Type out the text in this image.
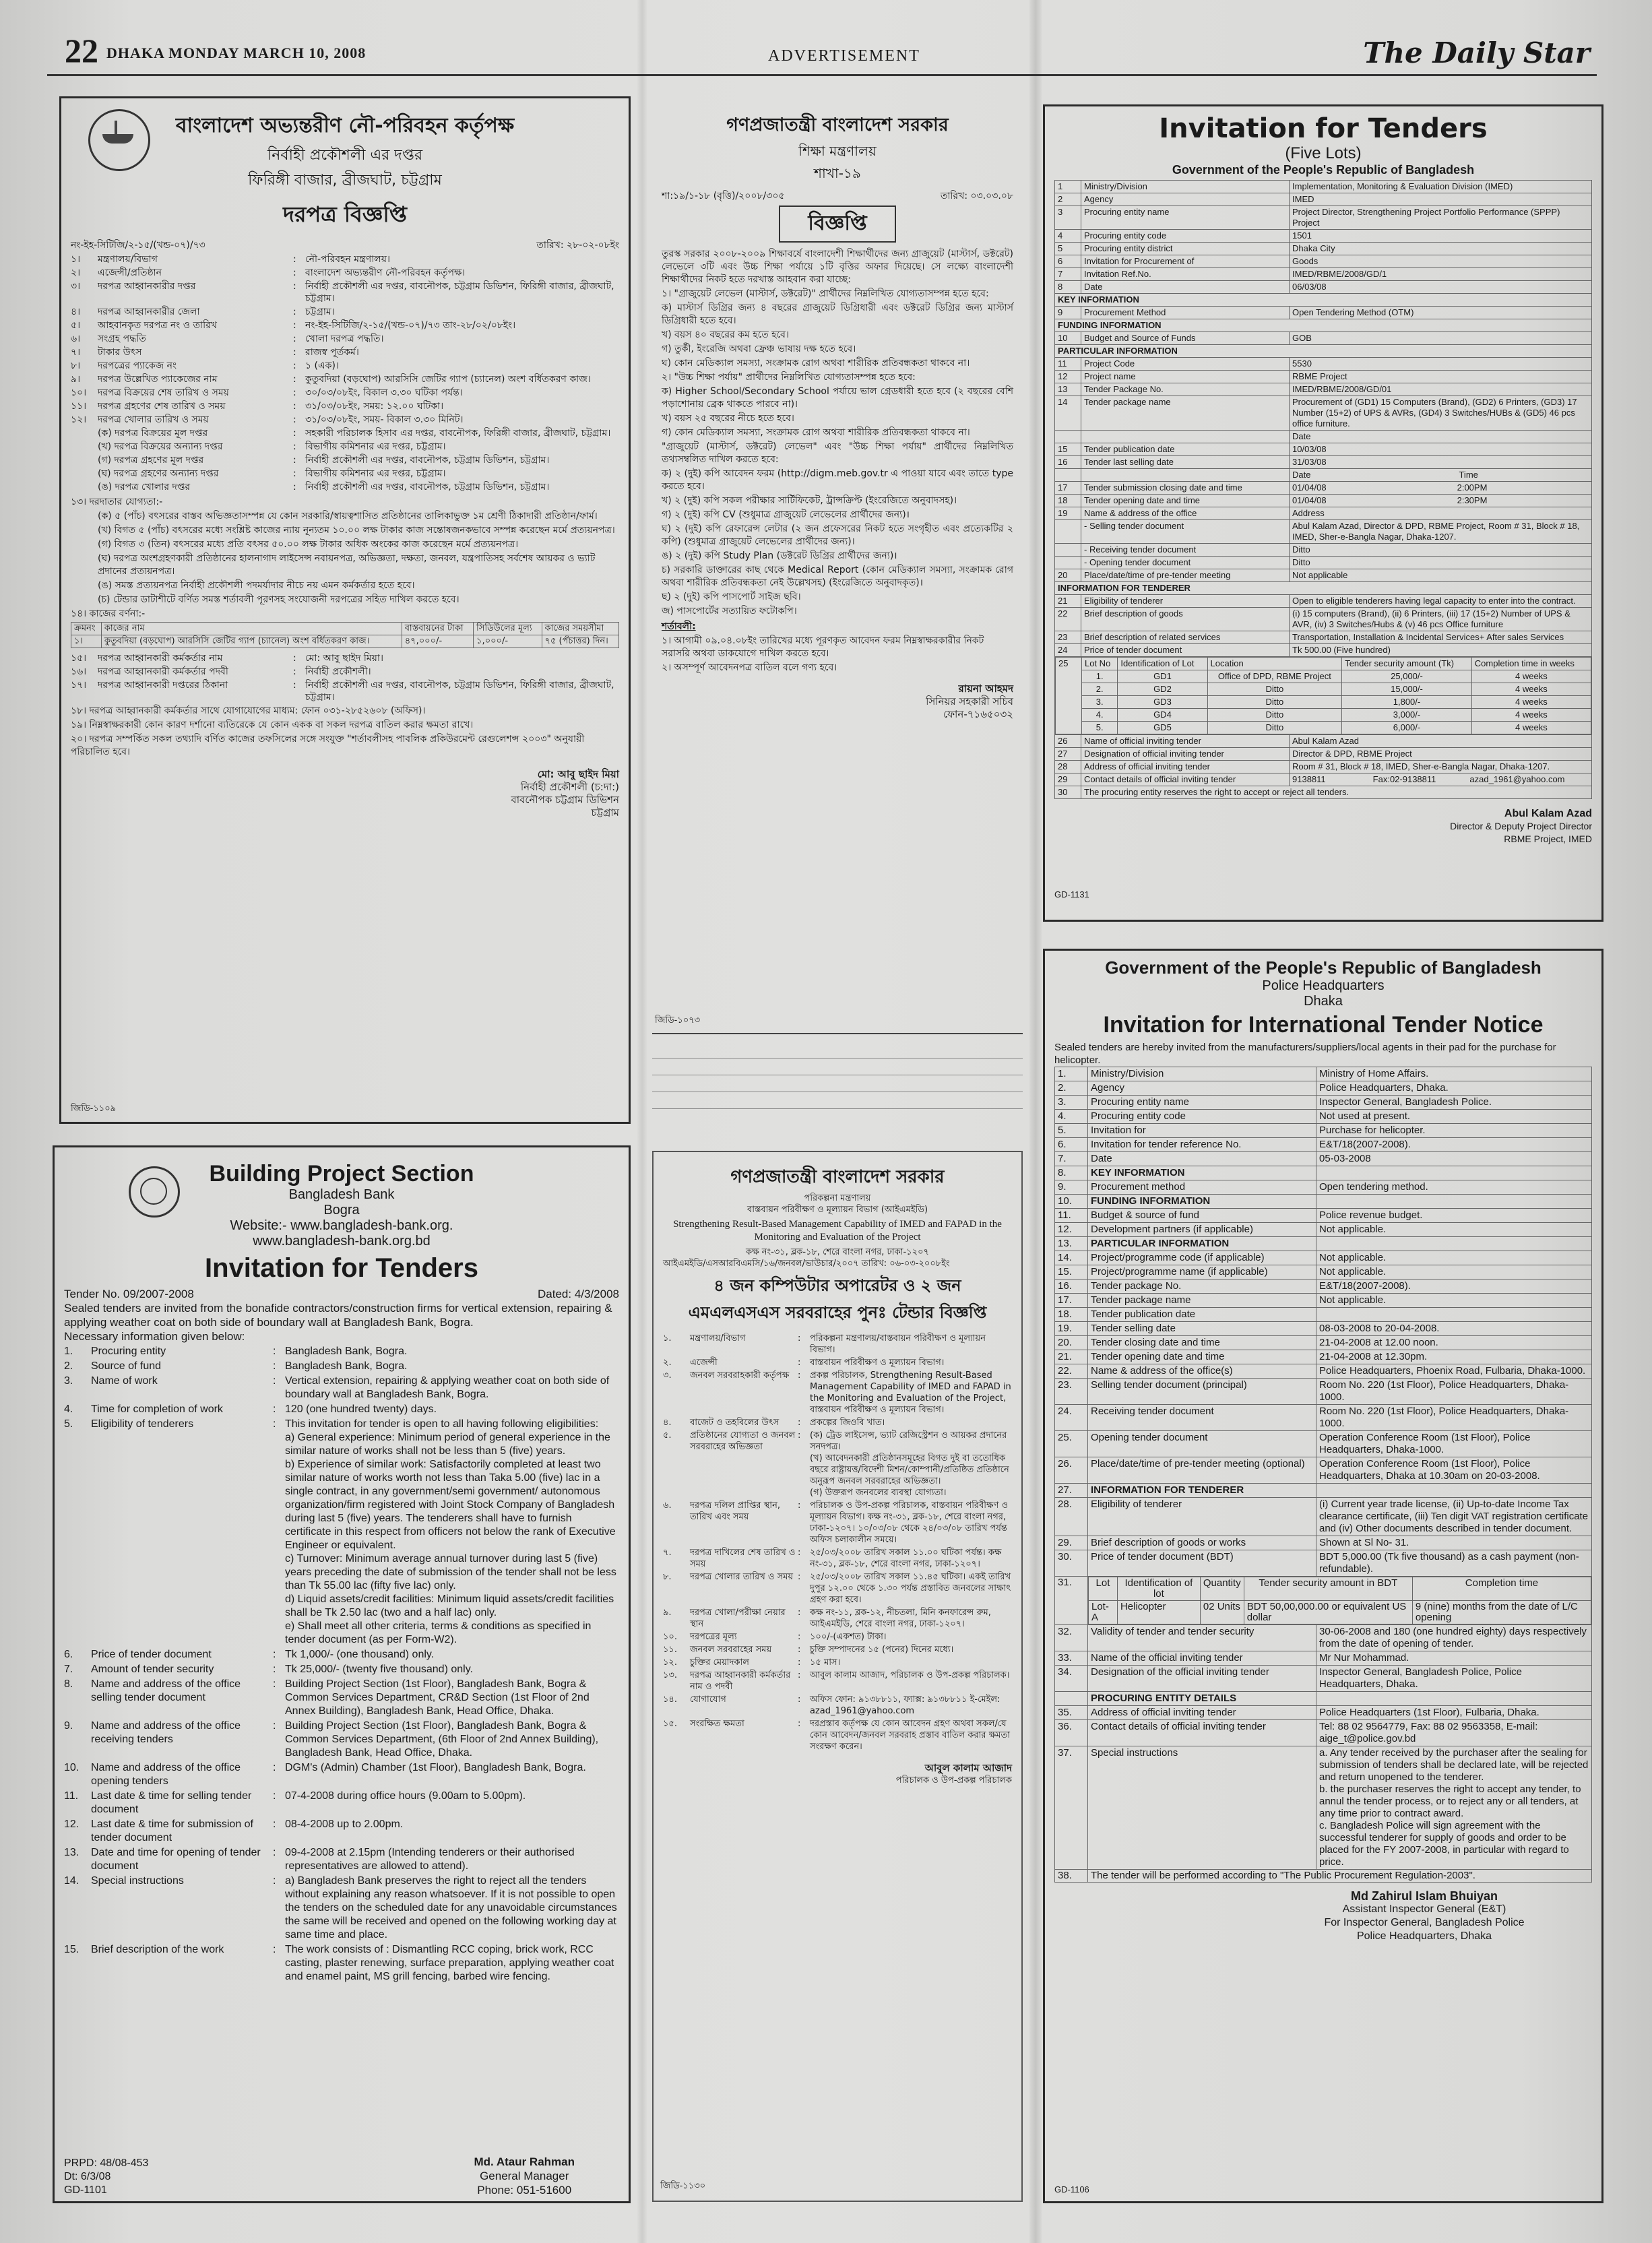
22 DHAKA MONDAY MARCH 10, 2008	ADVERTISEMENT	The Daily Star
বাংলাদেশ অভ্যন্তরীণ নৌ-পরিবহন কর্তৃপক্ষ
নির্বাহী প্রকৌশলী এর দপ্তর
ফিরিঙ্গী বাজার, ব্রীজঘাট, চট্টগ্রাম
দরপত্র বিজ্ঞপ্তি
নং-ইহ-সিটিজি/২-১৫/(খন্ড-০৭)/৭৩	তারিখ: ২৮-০২-০৮ইং
১।	মন্ত্রণালয়/বিভাগ	: নৌ-পরিবহন মন্ত্রণালয়।
২।	এজেন্সী/প্রতিষ্ঠান	: বাংলাদেশ অভ্যন্তরীণ নৌ-পরিবহন কর্তৃপক্ষ।
৩।	দরপত্র আহ্বানকারীর দপ্তর	: নির্বাহী প্রকৌশলী এর দপ্তর, বাবনৌপক, চট্টগ্রাম ডিভিশন, ফিরিঙ্গী বাজার, ব্রীজঘাট, চট্টগ্রাম।
৪।	দরপত্র আহ্বানকারীর জেলা	: চট্টগ্রাম।
৫।	আহবানকৃত দরপত্র নং ও তারিখ	: নং-ইহ-সিটিজি/২-১৫/(খন্ড-০৭)/৭৩ তাং-২৮/০২/০৮ইং।
৬।	সংগ্রহ পদ্ধতি	: খোলা দরপত্র পদ্ধতি।
৭।	টাকার উৎস	: রাজস্ব পূর্তকর্ম।
৮।	দরপত্রের প্যাকেজ নং	: ১ (এক)।
৯।	দরপত্র উল্লেখিত প্যাকেজের নাম	: কুতুবদিয়া (বড়ঘোপ) আরসিসি জেটির গ্যাপ (চ্যানেল) অংশ বর্ধিতকরণ কাজ।
১০।	দরপত্র বিক্রয়ের শেষ তারিখ ও সময়	: ৩০/০৩/০৮ইং, বিকাল ৩.৩০ ঘটিকা পর্যন্ত।
১১।	দরপত্র গ্রহণের শেষ তারিখ ও সময়	: ৩১/০৩/০৮ইং, সময়: ১২.০০ ঘটিকা।
১২।	দরপত্র খোলার তারিখ ও সময়	: ৩১/০৩/০৮ইং, সময়- বিকাল ৩.৩০ মিনিট।
(ক) দরপত্র বিক্রয়ের মূল দপ্তর	: সহকারী পরিচালক হিসাব এর দপ্তর, বাবনৌপক, ফিরিঙ্গী বাজার, ব্রীজঘাট, চট্টগ্রাম।
(খ) দরপত্র বিক্রয়ের অন্যান্য দপ্তর	: বিভাগীয় কমিশনার এর দপ্তর, চট্টগ্রাম।
(গ) দরপত্র গ্রহণের মূল দপ্তর	: নির্বাহী প্রকৌশলী এর দপ্তর, বাবনৌপক, চট্টগ্রাম ডিভিশন, চট্টগ্রাম।
(ঘ) দরপত্র গ্রহণের অন্যান্য দপ্তর	: বিভাগীয় কমিশনার এর দপ্তর, চট্টগ্রাম।
(ঙ) দরপত্র খোলার দপ্তর	: নির্বাহী প্রকৌশলী এর দপ্তর, বাবনৌপক, চট্টগ্রাম ডিভিশন, চট্টগ্রাম।
১৩। দরদাতার যোগ্যতা:-
(ক) ৫ (পাঁচ) বৎসরের বাস্তব অভিজ্ঞতাসম্পন্ন যে কোন সরকারি/স্বায়ত্বশাসিত প্রতিষ্ঠানের তালিকাভুক্ত ১ম শ্রেণী ঠিকাদারী প্রতিষ্ঠান/ফার্ম।
(খ) বিগত ৫ (পাঁচ) বৎসরের মধ্যে সংশ্লিষ্ট কাজের ন্যায় নূন্যতম ১০.০০ লক্ষ টাকার কাজ সন্তোষজনকভাবে সম্পন্ন করেছেন মর্মে প্রত্যয়নপত্র।
(গ) বিগত ৩ (তিন) বৎসরের মধ্যে প্রতি বৎসর ৫০.০০ লক্ষ টাকার অধিক অংকের কাজ করেছেন মর্মে প্রত্যয়নপত্র।
(ঘ) দরপত্র অংশগ্রহণকারী প্রতিষ্ঠানের হালনাগাদ লাইসেন্স নবায়নপত্র, অভিজ্ঞতা, দক্ষতা, জনবল, যন্ত্রপাতিসহ সর্বশেষ আয়কর ও ভ্যাট প্রদানের প্রত্যয়নপত্র।
(ঙ) সমস্ত প্রত্যয়নপত্র নির্বাহী প্রকৌশলী পদমর্যাদার নীচে নয় এমন কর্মকর্তার হতে হবে।
(চ) টেন্ডার ডাটাশীটে বর্ণিত সমস্ত শর্তাবলী পূরণসহ সংযোজনী দরপত্রের সহিত দাখিল করতে হবে।
১৪। কাজের বর্ণনা:-
ক্রমনং	কাজের নাম	বাস্তবায়নের টাকা	সিডিউলের মূল্য	কাজের সময়সীমা
১।	কুতুবদিয়া (বড়ঘোপ) আরসিসি জেটির গ্যাপ (চ্যানেল) অংশ বর্ধিতকরণ কাজ।	৪৭,০০০/-	১,০০০/-	৭৫ (পঁচাত্তর) দিন।
১৫।	দরপত্র আহ্বানকারী কর্মকর্তার নাম	: মো: আবু ছাইদ মিয়া।
১৬।	দরপত্র আহ্বানকারী কর্মকর্তার পদবী	: নির্বাহী প্রকৌশলী।
১৭।	দরপত্র আহ্বানকারী দপ্তরের ঠিকানা	: নির্বাহী প্রকৌশলী এর দপ্তর, বাবনৌপক, চট্টগ্রাম ডিভিশন, ফিরিঙ্গী বাজার, ব্রীজঘাট, চট্টগ্রাম।
১৮। দরপত্র আহ্বানকারী কর্মকর্তার সাথে যোগাযোগের মাধ্যম: ফোন ০৩১-২৮৫২৬০৮ (অফিস)।
১৯। নিম্নস্বাক্ষরকারী কোন কারণ দর্শানো ব্যতিরেকে যে কোন একক বা সকল দরপত্র বাতিল করার ক্ষমতা রাখে।
২০। দরপত্র সম্পর্কিত সকল তথ্যাদি বর্ণিত কাজের তফসিলের সঙ্গে সংযুক্ত "শর্তাবলীসহ পাবলিক প্রকিউরমেন্ট রেগুলেশন্স ২০০৩" অনুযায়ী পরিচালিত হবে।
মো: আবু ছাইদ মিয়া
নির্বাহী প্রকৌশলী (চ:দা:)
বাবনৌপক চট্টগ্রাম ডিভিশন
চট্টগ্রাম
জিডি-১১০৯
গণপ্রজাতন্ত্রী বাংলাদেশ সরকার
শিক্ষা মন্ত্রণালয়
শাখা-১৯
শা:১৯/১-১৮ (বৃত্তি)/২০০৮/৩০৫	তারিখ: ০৩.০৩.০৮
বিজ্ঞপ্তি
তুরস্ক সরকার ২০০৮-২০০৯ শিক্ষাবর্ষে বাংলাদেশী শিক্ষার্থীদের জন্য গ্রাজুয়েট (মাস্টার্স, ডক্টরেট) লেভেলে ৩টি এবং উচ্চ শিক্ষা পর্যায়ে ১টি বৃত্তির অফার দিয়েছে। সে লক্ষ্যে বাংলাদেশী শিক্ষার্থীদের নিকট হতে দরখাস্ত আহবান করা যাচ্ছে:
১। "গ্রাজুয়েট লেভেল (মাস্টার্স, ডক্টরেট)" প্রার্থীদের নিম্নলিখিত যোগ্যতাসম্পন্ন হতে হবে:
ক) মাস্টার্স ডিগ্রির জন্য ৪ বছরের গ্রাজুয়েট ডিগ্রিধারী এবং ডক্টরেট ডিগ্রির জন্য মাস্টার্স ডিগ্রিধারী হতে হবে।
খ) বয়স ৪০ বছরের কম হতে হবে।
গ) তুর্কী, ইংরেজি অথবা ফ্রেঞ্চ ভাষায় দক্ষ হতে হবে।
ঘ) কোন মেডিক্যাল সমস্যা, সংক্রামক রোগ অথবা শারীরিক প্রতিবন্ধকতা থাকবে না।
২। "উচ্চ শিক্ষা পর্যায়" প্রার্থীদের নিম্নলিখিত যোগ্যতাসম্পন্ন হতে হবে:
ক) Higher School/Secondary School পর্যায়ে ভাল গ্রেডধারী হতে হবে (২ বছরের বেশি পড়াশোনায় ব্রেক থাকতে পারবে না)।
খ) বয়স ২৫ বছরের নীচে হতে হবে।
গ) কোন মেডিক্যাল সমস্যা, সংক্রামক রোগ অথবা শারীরিক প্রতিবন্ধকতা থাকবে না।
"গ্রাজুয়েট (মাস্টার্স, ডক্টরেট) লেভেল" এবং "উচ্চ শিক্ষা পর্যায়" প্রার্থীদের নিম্নলিখিত তথ্যসম্বলিত দাখিল করতে হবে:
ক) ২ (দুই) কপি আবেদন ফরম (http://digm.meb.gov.tr এ পাওয়া যাবে এবং তাতে type করতে হবে।
খ) ২ (দুই) কপি সকল পরীক্ষার সার্টিফিকেট, ট্রান্সক্রিপ্ট (ইংরেজিতে অনুবাদসহ)।
গ) ২ (দুই) কপি CV (শুধুমাত্র গ্রাজুয়েট লেভেলের প্রার্থীদের জন্য)।
ঘ) ২ (দুই) কপি রেফারেন্স লেটার (২ জন প্রফেসরের নিকট হতে সংগৃহীত এবং প্রত্যেকটির ২ কপি) (শুধুমাত্র গ্রাজুয়েট লেভেলের প্রার্থীদের জন্য)।
ঙ) ২ (দুই) কপি Study Plan (ডক্টরেট ডিগ্রির প্রার্থীদের জন্য)।
চ) সরকারি ডাক্তারের কাছ থেকে Medical Report (কোন মেডিক্যাল সমস্যা, সংক্রামক রোগ অথবা শারীরিক প্রতিবন্ধকতা নেই উল্লেখসহ) (ইংরেজিতে অনুবাদকৃত)।
ছ) ২ (দুই) কপি পাসপোর্ট সাইজ ছবি।
জ) পাসপোর্টের সত্যায়িত ফটোকপি।
শর্তাবলী:
১। আগামী ০৯.০৪.০৮ইং তারিখের মধ্যে পূরণকৃত আবেদন ফরম নিম্নস্বাক্ষরকারীর নিকট সরাসরি অথবা ডাকযোগে দাখিল করতে হবে।
২। অসম্পূর্ণ আবেদনপত্র বাতিল বলে গণ্য হবে।
রায়না আহমদ
সিনিয়র সহকারী সচিব
ফোন-৭১৬৫০৩২
জিডি-১০৭৩
Invitation for Tenders
(Five Lots)
Government of the People's Republic of Bangladesh
1	Ministry/Division	Implementation, Monitoring & Evaluation Division (IMED)
2	Agency	IMED
3	Procuring entity name	Project Director, Strengthening Project Portfolio Performance (SPPP) Project
4	Procuring entity code	1501
5	Procuring entity district	Dhaka City
6	Invitation for Procurement of	Goods
7	Invitation Ref.No.	IMED/RBME/2008/GD/1
8	Date	06/03/08
KEY INFORMATION
9	Procurement Method	Open Tendering Method (OTM)
FUNDING INFORMATION
10	Budget and Source of Funds	GOB
PARTICULAR INFORMATION
11	Project Code	5530
12	Project name	RBME Project
13	Tender Package No.	IMED/RBME/2008/GD/01
14	Tender package name	Procurement of (GD1) 15 Computers (Brand), (GD2) 6 Printers, (GD3) 17 Number (15+2) of UPS & AVRs, (GD4) 3 Switches/HUBs & (GD5) 46 pcs office furniture.
		Date
15	Tender publication date	10/03/08
16	Tender last selling date	31/03/08
		Date	Time
17	Tender submission closing date and time	01/04/08	2:00PM
18	Tender opening date and time	01/04/08	2:30PM
19	Name & address of the office	Address
	- Selling tender document	Abul Kalam Azad, Director & DPD, RBME Project, Room # 31, Block # 18, IMED, Sher-e-Bangla Nagar, Dhaka-1207.
	- Receiving tender document	Ditto
	- Opening tender document	Ditto
20	Place/date/time of pre-tender meeting	Not applicable
INFORMATION FOR TENDERER
21	Eligibility of tenderer	Open to eligible tenderers having legal capacity to enter into the contract.
22	Brief description of goods	(i) 15 computers (Brand), (ii) 6 Printers, (iii) 17 (15+2) Number of UPS & AVR, (iv) 3 Switches/Hubs & (v) 46 pcs Office furniture
23	Brief description of related services	Transportation, Installation & Incidental Services+ After sales Services
24	Price of tender document	Tk 500.00 (Five hundred)

25	Lot No	Identification of Lot	Location	Tender security amount (Tk)	Completion time in weeks
1.	GD1	Office of DPD, RBME Project	25,000/-	4 weeks
2.	GD2	Ditto	15,000/-	4 weeks
3.	GD3	Ditto	1,800/-	4 weeks
4.	GD4	Ditto	3,000/-	4 weeks
5.	GD5	Ditto	6,000/-	4 weeks

26	Name of official inviting tender	Abul Kalam Azad
27	Designation of official inviting tender	Director & DPD, RBME Project
28	Address of official inviting tender	Room # 31, Block # 18, IMED, Sher-e-Bangla Nagar, Dhaka-1207.
29	Contact details of official inviting tender	9138811	Fax:02-9138811	azad_1961@yahoo.com
30	The procuring entity reserves the right to accept or reject all tenders.
Abul Kalam Azad
Director & Deputy Project Director
RBME Project, IMED
GD-1131
Building Project Section
Bangladesh Bank
Bogra
Website:- www.bangladesh-bank.org.
www.bangladesh-bank.org.bd
Invitation for Tenders
Tender No. 09/2007-2008	Dated: 4/3/2008
Sealed tenders are invited from the bonafide contractors/construction firms for vertical extension, repairing & applying weather coat on both side of boundary wall at Bangladesh Bank, Bogra.
Necessary information given below:
1.	Procuring entity	: Bangladesh Bank, Bogra.
2.	Source of fund	: Bangladesh Bank, Bogra.
3.	Name of work	: Vertical extension, repairing & applying weather coat on both side of boundary wall at Bangladesh Bank, Bogra.
4.	Time for completion of work	: 120 (one hundred twenty) days.
5.	Eligibility of tenderers	: This invitation for tender is open to all having following eligibilities:
a) General experience: Minimum period of general experience in the similar nature of works shall not be less than 5 (five) years.
b) Experience of similar work: Satisfactorily completed at least two similar nature of works worth not less than Taka 5.00 (five) lac in a single contract, in any government/semi government/ autonomous organization/firm registered with Joint Stock Company of Bangladesh during last 5 (five) years. The tenderers shall have to furnish certificate in this respect from officers not below the rank of Executive Engineer or equivalent.
c) Turnover: Minimum average annual turnover during last 5 (five) years preceding the date of submission of the tender shall not be less than Tk 55.00 lac (fifty five lac) only.
d) Liquid assets/credit facilities: Minimum liquid assets/credit facilities shall be Tk 2.50 lac (two and a half lac) only.
e) Shall meet all other criteria, terms & conditions as specified in tender document (as per Form-W2).
6.	Price of tender document	: Tk 1,000/- (one thousand) only.
7.	Amount of tender security	: Tk 25,000/- (twenty five thousand) only.
8.	Name and address of the office selling tender document
: Building Project Section (1st Floor), Bangladesh Bank, Bogra & Common Services Department, CR&D Section (1st Floor of 2nd Annex Building), Bangladesh Bank, Head Office, Dhaka.
9.	Name and address of the office receiving tenders
: Building Project Section (1st Floor), Bangladesh Bank, Bogra & Common Services Department, (6th Floor of 2nd Annex Building), Bangladesh Bank, Head Office, Dhaka.
10.	Name and address of the office opening tenders
: DGM's (Admin) Chamber (1st Floor), Bangladesh Bank, Bogra.
11.	Last date & time for selling tender document
: 07-4-2008 during office hours (9.00am to 5.00pm).
12.	Last date & time for submission of tender document
: 08-4-2008 up to 2.00pm.
13.	Date and time for opening of tender document
: 09-4-2008 at 2.15pm (Intending tenderers or their authorised representatives are allowed to attend).
14.	Special instructions	: a) Bangladesh Bank preserves the right to reject all the tenders without explaining any reason whatsoever. If it is not possible to open the tenders on the scheduled date for any unavoidable circumstances the same will be received and opened on the following working day at same time and place.
15.	Brief description of the work	: The work consists of : Dismantling RCC coping, brick work, RCC casting, plaster renewing, surface preparation, applying weather coat and enamel paint, MS grill fencing, barbed wire fencing.
PRPD: 48/08-453
Dt: 6/3/08
GD-1101
Md. Ataur Rahman
General Manager
Phone: 051-51600
গণপ্রজাতন্ত্রী বাংলাদেশ সরকার
পরিকল্পনা মন্ত্রণালয়
বাস্তবায়ন পরিবীক্ষণ ও মূল্যায়ন বিভাগ (আইএমইডি)
Strengthening Result-Based Management Capability of IMED and FAPAD in the Monitoring and Evaluation of the Project
কক্ষ নং-৩১, ব্লক-১৮, শেরে বাংলা নগর, ঢাকা-১২০৭
আইএমইডি/এসআরবিএমসি/১৬/জনবল/ভাউচার/২০০৭ তারিখ: ০৬-০৩-২০০৮ইং
৪ জন কম্পিউটার অপারেটর ও ২ জন
এমএলএসএস সরবরাহের পুনঃ টেন্ডার বিজ্ঞপ্তি
১.	মন্ত্রণালয়/বিভাগ	:	পরিকল্পনা মন্ত্রণালয়/বাস্তবায়ন পরিবীক্ষণ ও মূল্যায়ন বিভাগ।
২.	এজেন্সী	:	বাস্তবায়ন পরিবীক্ষণ ও মূল্যায়ন বিভাগ।
৩.	জনবল সরবরাহকারী কর্তৃপক্ষ :	প্রকল্প পরিচালক, Strengthening Result-Based Management Capability of IMED and FAPAD in the Monitoring and Evaluation of the Project, বাস্তবায়ন পরিবীক্ষণ ও মূল্যায়ন বিভাগ।
৪.	বাজেট ও তহবিলের উৎস	:	প্রকল্পের জিওবি খাত।
৫.	প্রতিষ্ঠানের যোগ্যতা ও জনবল সরবরাহের অভিজ্ঞতা
:	(ক) ট্রেড লাইসেন্স, ভ্যাট রেজিস্ট্রেশন ও আয়কর প্রদানের সনদপত্র।
(খ) আবেদনকারী প্রতিষ্ঠানসমূহের বিগত দুই বা ততোধিক বছরে রাষ্ট্রায়ত্ত/বিদেশী মিশন/কোম্পানী/প্রতিষ্ঠিত প্রতিষ্ঠানে অনুরূপ জনবল সরবরাহের অভিজ্ঞতা।
(গ) উক্তরূপ জনবলের ব্যবস্থা যোগ্যতা।
৬.	দরপত্র দলিল প্রাপ্তির স্থান, তারিখ এবং সময়
:	পরিচালক ও উপ-প্রকল্প পরিচালক, বাস্তবায়ন পরিবীক্ষণ ও মূল্যায়ন বিভাগ। কক্ষ নং-৩১, ব্লক-১৮, শেরে বাংলা নগর, ঢাকা-১২০৭। ১০/০৩/০৮ থেকে ২৪/০৩/০৮ তারিখ পর্যন্ত অফিস চলাকালীন সময়ে।
৭.	দরপত্র দাখিলের শেষ তারিখ ও সময়
:	২৫/০৩/২০০৮ তারিখ সকাল ১১.০০ ঘটিকা পর্যন্ত। কক্ষ নং-৩১, ব্লক-১৮, শেরে বাংলা নগর, ঢাকা-১২০৭।
৮.	দরপত্র খোলার তারিখ ও সময় :	২৫/০৩/২০০৮ তারিখ সকাল ১১.৪৫ ঘটিকা। একই তারিখ দুপুর ১২.০০ থেকে ১.৩০ পর্যন্ত প্রস্তাবিত জনবলের সাক্ষাৎ গ্রহণ করা হবে।
৯.	দরপত্র খোলা/পরীক্ষা নেয়ার স্থান
:	কক্ষ নং-১১, ব্লক-১২, নীচতলা, মিনি কনফারেন্স রুম, আইএমইডি, শেরে বাংলা নগর, ঢাকা-১২০৭।
১০.	দরপত্রের মূল্য	:	১০০/-(একশত) টাকা।
১১.	জনবল সরবরাহের সময়	:	চুক্তি সম্পাদনের ১৫ (পনের) দিনের মধ্যে।
১২.	চুক্তির মেয়াদকাল	:	১৫ মাস।
১৩.	দরপত্র আহ্বানকারী কর্মকর্তার নাম ও পদবী
:	আবুল কালাম আজাদ, পরিচালক ও উপ-প্রকল্প পরিচালক।
১৪.	যোগাযোগ	:	অফিস ফোন: ৯১৩৮৮১১, ফ্যাক্স: ৯১৩৮৮১১ ই-মেইল: azad_1961@yahoo.com
১৫.	সংরক্ষিত ক্ষমতা	:	দরপ্রস্তাব কর্তৃপক্ষ যে কোন আবেদন গ্রহণ অথবা সকল/যে কোন আবেদন/জনবল সরবরাহ প্রস্তাব বাতিল করার ক্ষমতা সংরক্ষণ করেন।
আবুল কালাম আজাদ
পরিচালক ও উপ-প্রকল্প পরিচালক
জিডি-১১৩০
Government of the People's Republic of Bangladesh
Police Headquarters
Dhaka
Invitation for International Tender Notice
Sealed tenders are hereby invited from the manufacturers/suppliers/local agents in their pad for the purchase for helicopter.
1.	Ministry/Division	Ministry of Home Affairs.
2.	Agency	Police Headquarters, Dhaka.
3.	Procuring entity name	Inspector General, Bangladesh Police.
4.	Procuring entity code	Not used at present.
5.	Invitation for	Purchase for helicopter.
6.	Invitation for tender reference No.	E&T/18(2007-2008).
7.	Date	05-03-2008
8.	KEY INFORMATION	
9.	Procurement method	Open tendering method.
10.	FUNDING INFORMATION	
11.	Budget & source of fund	Police revenue budget.
12.	Development partners (if applicable)	Not applicable.
13.	PARTICULAR INFORMATION	
14.	Project/programme code (if applicable)	Not applicable.
15.	Project/programme name (if applicable)	Not applicable.
16.	Tender package No.	E&T/18(2007-2008).
17.	Tender package name	Not applicable.
18.	Tender publication date	
19.	Tender selling date	08-03-2008 to 20-04-2008.
20.	Tender closing date and time	21-04-2008 at 12.00 noon.
21.	Tender opening date and time	21-04-2008 at 12.30pm.
22.	Name & address of the office(s)	Police Headquarters, Phoenix Road, Fulbaria, Dhaka-1000.
23.	Selling tender document (principal)	Room No. 220 (1st Floor), Police Headquarters, Dhaka-1000.
24.	Receiving tender document	Room No. 220 (1st Floor), Police Headquarters, Dhaka-1000.
25.	Opening tender document	Operation Conference Room (1st Floor), Police Headquarters, Dhaka-1000.
26.	Place/date/time of pre-tender meeting (optional)	Operation Conference Room (1st Floor), Police Headquarters, Dhaka at 10.30am on 20-03-2008.
27.	INFORMATION FOR TENDERER	
28.	Eligibility of tenderer	(i) Current year trade license, (ii) Up-to-date Income Tax clearance certificate, (iii) Ten digit VAT registration certificate and (iv) Other documents described in tender document.
29.	Brief description of goods or works	Shown at Sl No- 31.
30.	Price of tender document (BDT)	BDT 5,000.00 (Tk five thousand) as a cash payment (non-refundable).
31.	Lot	Identification of lot	Quantity	Tender security amount in BDT	Completion time
Lot-A	Helicopter	02 Units	BDT 50,00,000.00 or equivalent US dollar	9 (nine) months from the date of L/C opening

32.	Validity of tender and tender security	30-06-2008 and 180 (one hundred eighty) days respectively from the date of opening of tender.
33.	Name of the official inviting tender	Mr Nur Mohammad.
34.	Designation of the official inviting tender	Inspector General, Bangladesh Police, Police Headquarters, Dhaka.
	PROCURING ENTITY DETAILS	
35.	Address of official inviting tender	Police Headquarters (1st Floor), Fulbaria, Dhaka.
36.	Contact details of official inviting tender	Tel: 88 02 9564779, Fax: 88 02 9563358, E-mail: aige_t@police.gov.bd
37.	Special instructions	a. Any tender received by the purchaser after the sealing for submission of tenders shall be declared late, will be rejected and return unopened to the tenderer.
b. the purchaser reserves the right to accept any tender, to annul the tender process, or to reject any or all tenders, at any time prior to contract award.
c. Bangladesh Police will sign agreement with the successful tenderer for supply of goods and order to be placed for the FY 2007-2008, in particular with regard to price.
38.	The tender will be performed according to "The Public Procurement Regulation-2003".
Md Zahirul Islam Bhuiyan
Assistant Inspector General (E&T)
For Inspector General, Bangladesh Police
Police Headquarters, Dhaka
GD-1106
